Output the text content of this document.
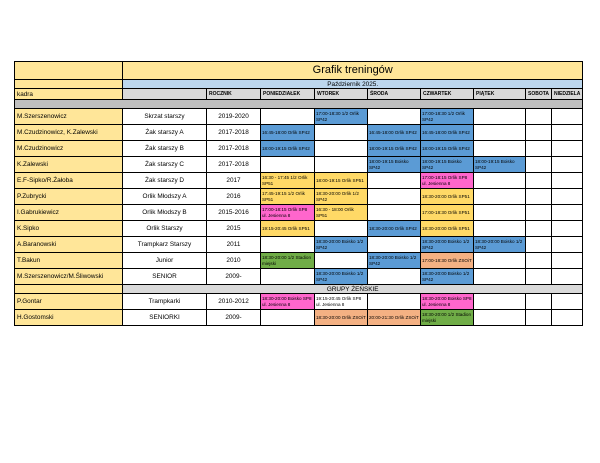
	Grafik treningów								
	Październik 2025.								
kadra		ROCZNIK	PONIEDZIAŁEK	WTOREK	ŚRODA	CZWARTEK	PIĄTEK	SOBOTA	NIEDZIELA

M.Szerszenowicz	Skrzat starszy	2019-2020		17:00-18:30 1/2 Orlik SP42		17:00-18:30 1/2 Orlik SP42			
M.Czudzinowicz, K.Zalewski	Żak starszy A	2017-2018	16:45-18:00 Orlik SP42		16:45-18:00 Orlik SP42	16:45-18:00 Orlik SP42			
M.Czudzinowicz	Żak starszy B	2017-2018	18:00-19:15 Orlik SP42		18:00-19:15 Orlik SP42	18:00-19:15 Orlik SP42			
K.Zalewski	Żak starszy C	2017-2018			18:00-19:15 Boisko SP42	18:00-19:15 Boisko SP42	18:00-19:15 Boisko SP42		
E.F-Sipko/R.Żałoba	Żak starszy D	2017	16:30 - 17:45 1/2 Orlik SP51	18:00-19:15 Orlik SP51		17:00-18:15 Orlik SP8 ul. Jesienna 8			
P.Zubrycki	Orlik Młodszy A	2016	17:45-19:15 1/2 Orlik SP51	18:30-20:00 Orlik 1/2 SP42		18:30-20:00 Orlik SP51			
I.Gabrukiewicz	Orlik Młodszy B	2015-2016	17:00-18:15 Orlik SP8 ul. Jesienna 8	16:30 - 18:00 Orlik SP51		17:00-18:30 Orlik SP51			
K.Sipko	Orlik Starszy	2015	19:15-20:45 Orlik SP51		18:30-20:00 Orlik SP42	18:30-20:00 Orlik SP51			
A.Baranowski	Trampkarz Starszy	2011		18:30-20:00 Boisko 1/2 SP42		18:30-20:00 Boisko 1/2 SP42	18:30-20:00 Boisko 1/2 SP42		
T.Bakun	Junior	2010	18:30-20:00 1/2 Stadion miejski		18:30-20:00 Boisko 1/2 SP42	17:00-18:30 Orlik ZSOiT			
M.Szerszenowicz/M.Śliwowski	SENIOR	2009-		18:30-20:00 Boisko 1/2 SP42		18:30-20:00 Boisko 1/2 SP42			
	GRUPY ŻEŃSKIE								
P.Gontar	Trampkarki	2010-2012	18:30-20:00 Boisko SP8 ul. Jesienna 8	19:15-20:45 Orlik SP8 ul. Jesienna 8		18:30-20:00 Boisko SP8 ul. Jesienna 8			
H.Gostomski	SENIORKI	2009-		18:30-20:00 Orlik ZSOiT	20:00-21:30 Orlik ZSOiT	18:30-20:00 1/2 Stadion miejski			
